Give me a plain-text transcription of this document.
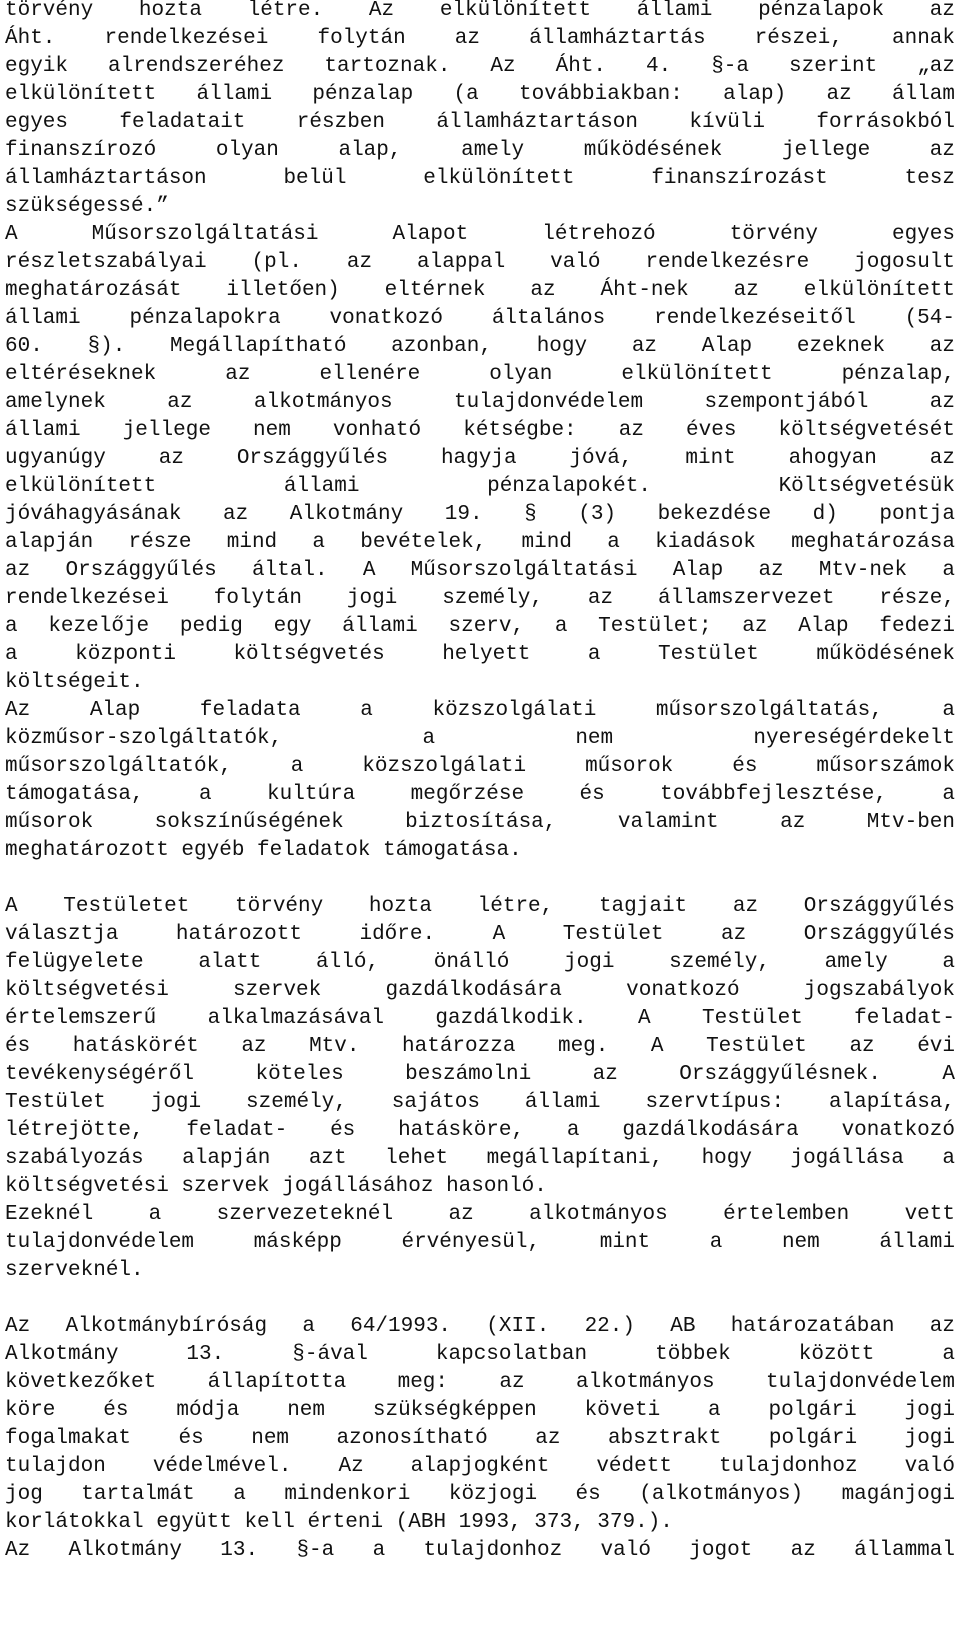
törvény hozta létre. Az elkülönített állami pénzalapok az
Áht. rendelkezései folytán az államháztartás részei, annak
egyik alrendszeréhez tartoznak. Az Áht. 4. §-a szerint „az
elkülönített állami pénzalap (a továbbiakban: alap) az állam
egyes feladatait részben államháztartáson kívüli forrásokból
finanszírozó olyan alap, amely működésének jellege az
államháztartáson belül elkülönített finanszírozást tesz
szükségessé.”
A Műsorszolgáltatási Alapot létrehozó törvény egyes
részletszabályai (pl. az alappal való rendelkezésre jogosult
meghatározását illetően) eltérnek az Áht-nek az elkülönített
állami pénzalapokra vonatkozó általános rendelkezéseitől (54-
60. §). Megállapítható azonban, hogy az Alap ezeknek az
eltéréseknek az ellenére olyan elkülönített pénzalap,
amelynek az alkotmányos tulajdonvédelem szempontjából az
állami jellege nem vonható kétségbe: az éves költségvetését
ugyanúgy az Országgyűlés hagyja jóvá, mint ahogyan az
elkülönített állami pénzalapokét. Költségvetésük
jóváhagyásának az Alkotmány 19. § (3) bekezdése d) pontja
alapján része mind a bevételek, mind a kiadások meghatározása
az Országgyűlés által. A Műsorszolgáltatási Alap az Mtv-nek a
rendelkezései folytán jogi személy, az államszervezet része,
a kezelője pedig egy állami szerv, a Testület; az Alap fedezi
a központi költségvetés helyett a Testület működésének
költségeit.
Az Alap feladata a közszolgálati műsorszolgáltatás, a
közműsor-szolgáltatók, a nem nyereségérdekelt
műsorszolgáltatók, a közszolgálati műsorok és műsorszámok
támogatása, a kultúra megőrzése és továbbfejlesztése, a
műsorok sokszínűségének biztosítása, valamint az Mtv-ben
meghatározott egyéb feladatok támogatása.
A Testületet törvény hozta létre, tagjait az Országgyűlés
választja határozott időre. A Testület az Országgyűlés
felügyelete alatt álló, önálló jogi személy, amely a
költségvetési szervek gazdálkodására vonatkozó jogszabályok
értelemszerű alkalmazásával gazdálkodik. A Testület feladat-
és hatáskörét az Mtv. határozza meg. A Testület az évi
tevékenységéről köteles beszámolni az Országgyűlésnek. A
Testület jogi személy, sajátos állami szervtípus: alapítása,
létrejötte, feladat- és hatásköre, a gazdálkodására vonatkozó
szabályozás alapján azt lehet megállapítani, hogy jogállása a
költségvetési szervek jogállásához hasonló.
Ezeknél a szervezeteknél az alkotmányos értelemben vett
tulajdonvédelem másképp érvényesül, mint a nem állami
szerveknél.
Az Alkotmánybíróság a 64/1993. (XII. 22.) AB határozatában az
Alkotmány 13. §-ával kapcsolatban többek között a
következőket állapította meg: az alkotmányos tulajdonvédelem
köre és módja nem szükségképpen követi a polgári jogi
fogalmakat és nem azonosítható az absztrakt polgári jogi
tulajdon védelmével. Az alapjogként védett tulajdonhoz való
jog tartalmát a mindenkori közjogi és (alkotmányos) magánjogi
korlátokkal együtt kell érteni (ABH 1993, 373, 379.).
Az Alkotmány 13. §-a a tulajdonhoz való jogot az állammal
